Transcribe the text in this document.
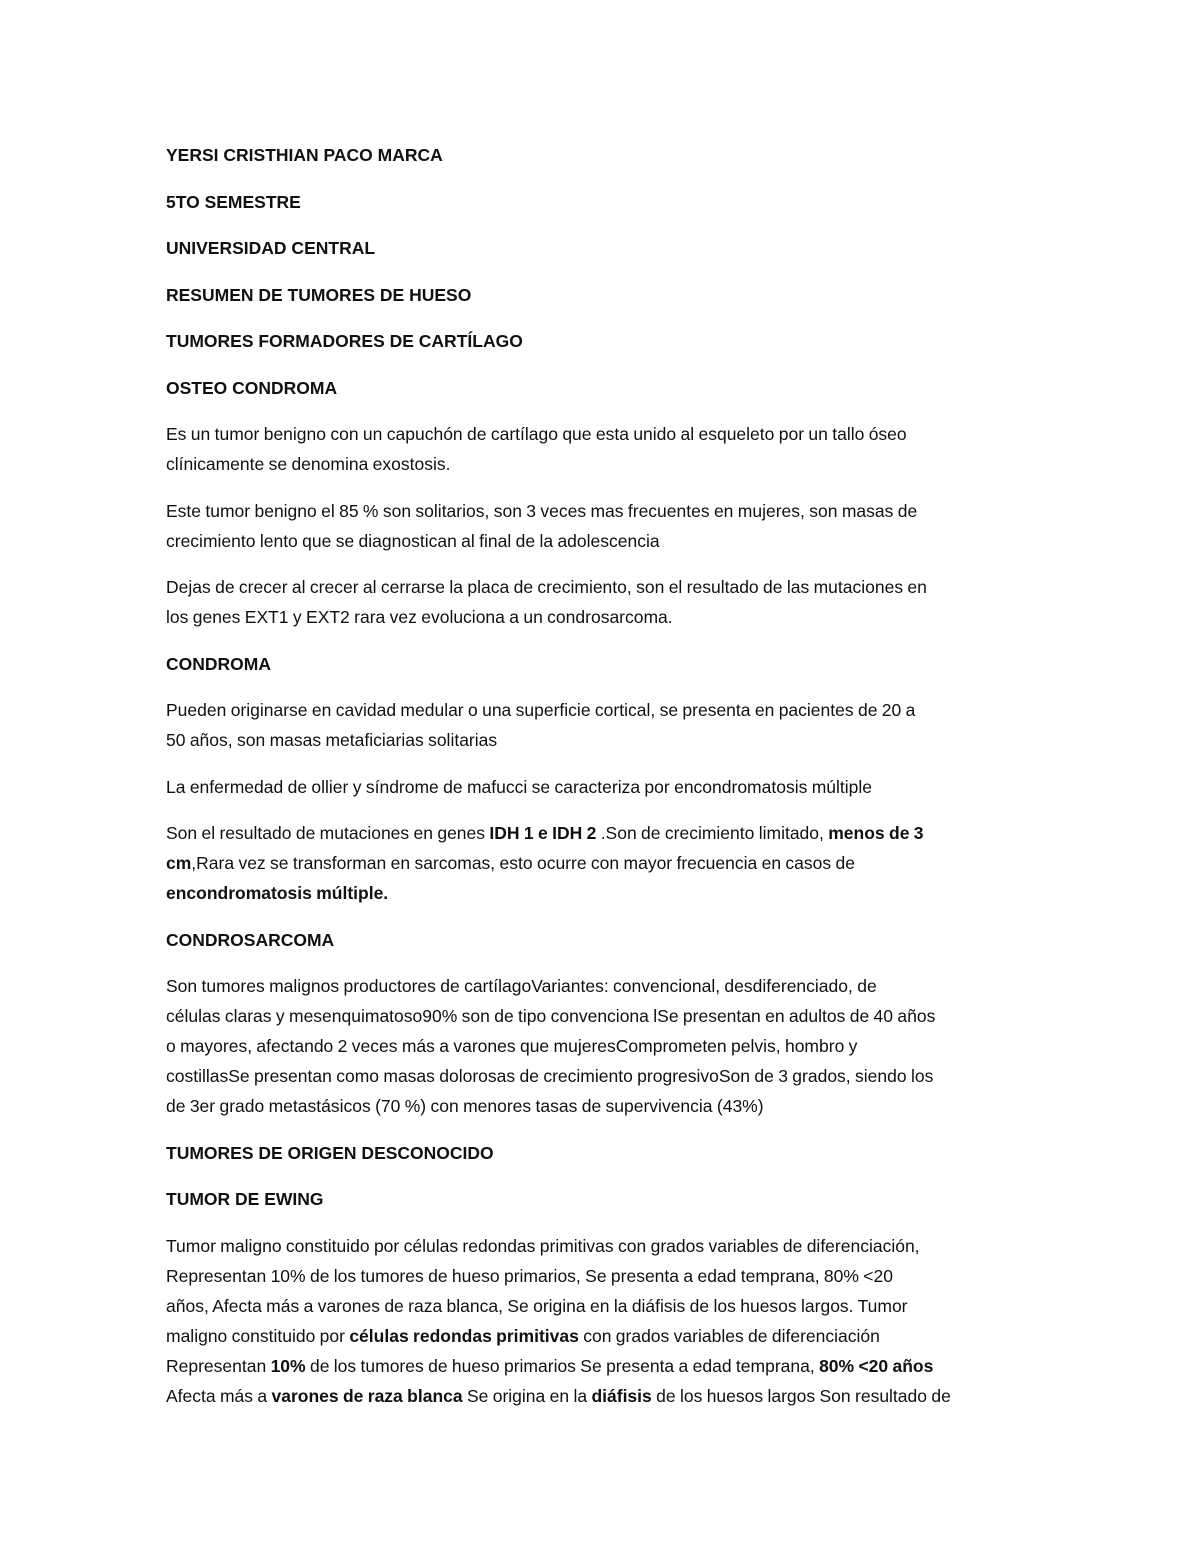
YERSI CRISTHIAN PACO MARCA
5TO SEMESTRE
UNIVERSIDAD CENTRAL
RESUMEN DE TUMORES DE HUESO
TUMORES FORMADORES DE CARTÍLAGO
OSTEO CONDROMA
Es un tumor benigno con un capuchón de cartílago que esta unido al esqueleto por un tallo óseo
clínicamente se denomina exostosis.
Este tumor benigno el 85 % son solitarios, son 3 veces mas frecuentes en mujeres, son masas de
crecimiento lento que se diagnostican al final de la adolescencia
Dejas de crecer al crecer al cerrarse la placa de crecimiento, son el resultado de las mutaciones en
los genes EXT1 y EXT2 rara vez evoluciona a un condrosarcoma.
CONDROMA
Pueden originarse en cavidad medular o una superficie cortical, se presenta en pacientes de 20 a
50 años, son masas metaficiarias solitarias
La enfermedad de ollier y síndrome de mafucci se caracteriza por encondromatosis múltiple
Son el resultado de mutaciones en genes IDH 1 e IDH 2 .Son de crecimiento limitado, menos de 3
cm,Rara vez se transforman en sarcomas, esto ocurre con mayor frecuencia en casos de
encondromatosis múltiple.
CONDROSARCOMA
Son tumores malignos productores de cartílagoVariantes: convencional, desdiferenciado, de
células claras y mesenquimatoso90% son de tipo convenciona lSe presentan en adultos de 40 años
o mayores, afectando 2 veces más a varones que mujeresComprometen pelvis, hombro y
costillasSe presentan como masas dolorosas de crecimiento progresivoSon de 3 grados, siendo los
de 3er grado metastásicos (70 %) con menores tasas de supervivencia (43%)
TUMORES DE ORIGEN DESCONOCIDO
TUMOR DE EWING
Tumor maligno constituido por células redondas primitivas con grados variables de diferenciación,
Representan 10% de los tumores de hueso primarios, Se presenta a edad temprana, 80% <20
años, Afecta más a varones de raza blanca, Se origina en la diáfisis de los huesos largos. Tumor
maligno constituido por células redondas primitivas con grados variables de diferenciación
Representan 10% de los tumores de hueso primarios Se presenta a edad temprana, 80% <20 años
Afecta más a varones de raza blanca Se origina en la diáfisis de los huesos largos Son resultado de
